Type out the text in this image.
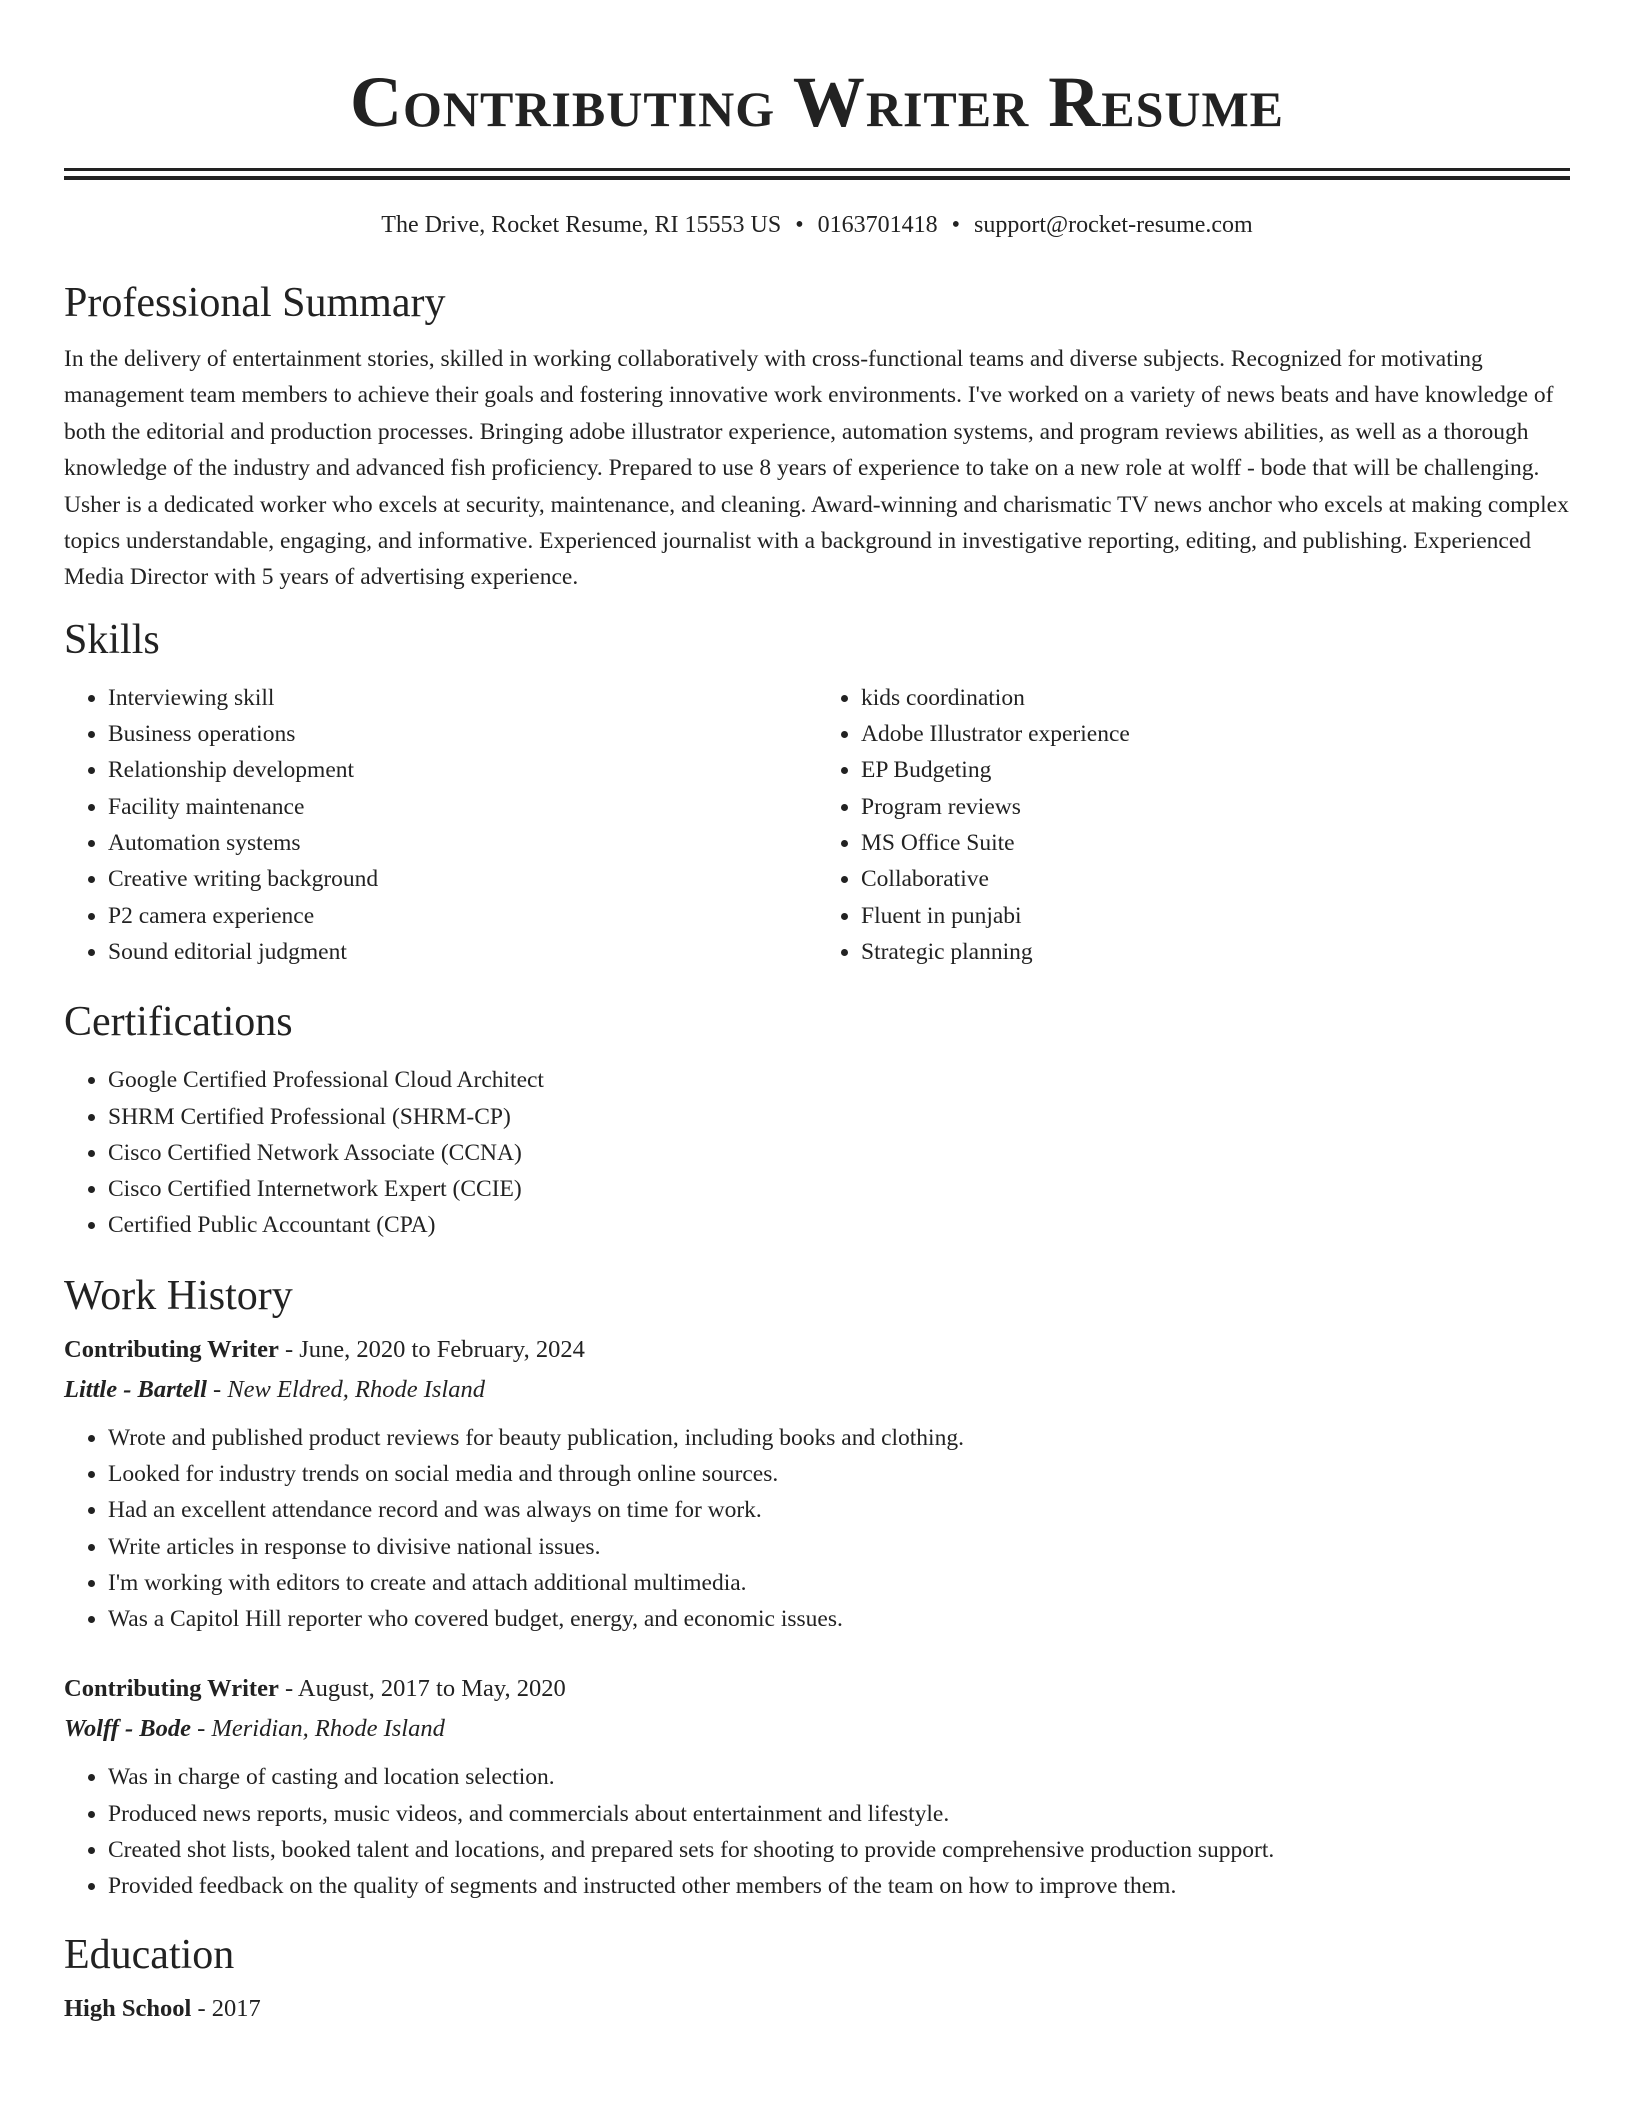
Contributing Writer Resume
The Drive, Rocket Resume, RI 15553 US • 0163701418 • support@rocket-resume.com
Professional Summary

In the delivery of entertainment stories, skilled in working collaboratively with cross-functional teams and diverse subjects. Recognized for motivating management team members to achieve their goals and fostering innovative work environments. I've worked on a variety of news beats and have knowledge of both the editorial and production processes. Bringing adobe illustrator experience, automation systems, and program reviews abilities, as well as a thorough knowledge of the industry and advanced fish proficiency. Prepared to use 8 years of experience to take on a new role at wolff - bode that will be challenging. Usher is a dedicated worker who excels at security, maintenance, and cleaning. Award-winning and charismatic TV news anchor who excels at making complex topics understandable, engaging, and informative. Experienced journalist with a background in investigative reporting, editing, and publishing. Experienced Media Director with 5 years of advertising experience.

Skills
• Interviewing skill
• Business operations
• Relationship development
• Facility maintenance
• Automation systems
• Creative writing background
• P2 camera experience
• Sound editorial judgment
• kids coordination
• Adobe Illustrator experience
• EP Budgeting
• Program reviews
• MS Office Suite
• Collaborative
• Fluent in punjabi
• Strategic planning
Certifications
• Google Certified Professional Cloud Architect
• SHRM Certified Professional (SHRM-CP)
• Cisco Certified Network Associate (CCNA)
• Cisco Certified Internetwork Expert (CCIE)
• Certified Public Accountant (CPA)
Work History
Contributing Writer - June, 2020 to February, 2024
Little - Bartell - New Eldred, Rhode Island
• Wrote and published product reviews for beauty publication, including books and clothing.
• Looked for industry trends on social media and through online sources.
• Had an excellent attendance record and was always on time for work.
• Write articles in response to divisive national issues.
• I'm working with editors to create and attach additional multimedia.
• Was a Capitol Hill reporter who covered budget, energy, and economic issues.
Contributing Writer - August, 2017 to May, 2020
Wolff - Bode - Meridian, Rhode Island
• Was in charge of casting and location selection.
• Produced news reports, music videos, and commercials about entertainment and lifestyle.
• Created shot lists, booked talent and locations, and prepared sets for shooting to provide comprehensive production support.
• Provided feedback on the quality of segments and instructed other members of the team on how to improve them.
Education
High School - 2017
